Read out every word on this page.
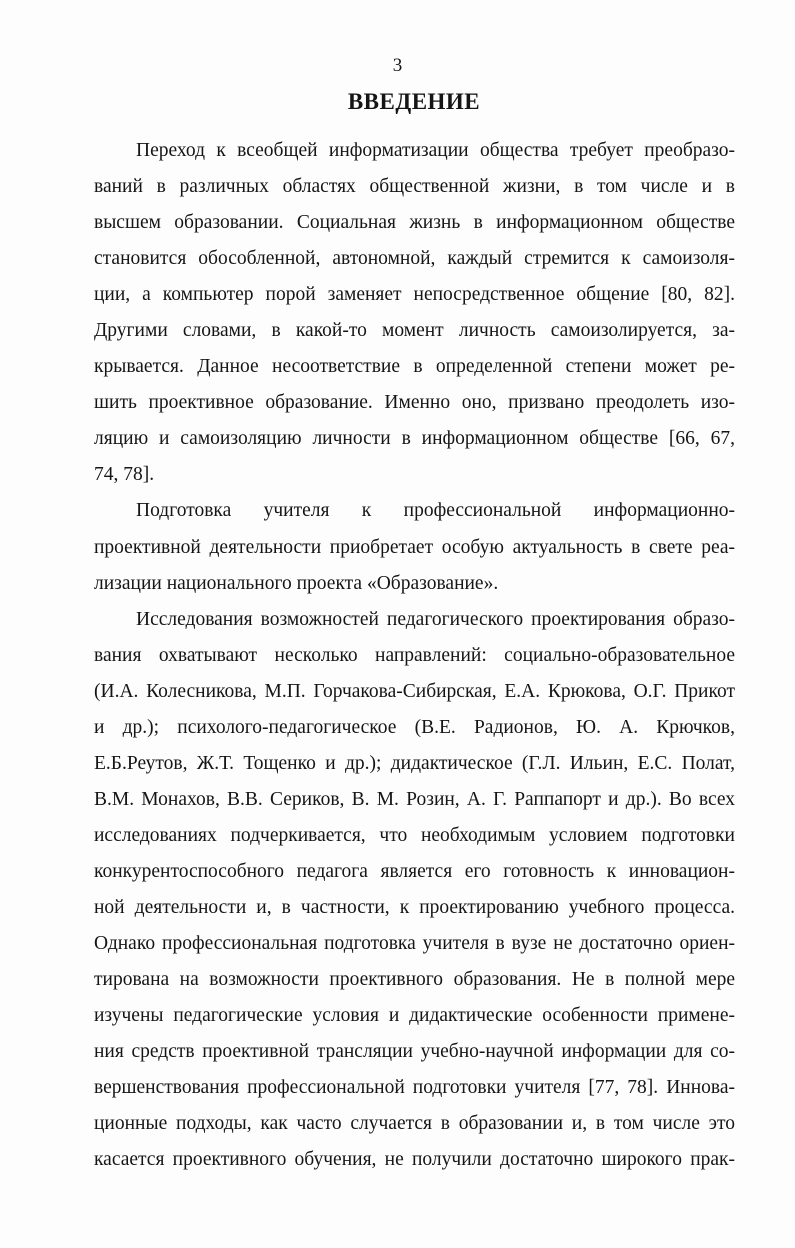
3
ВВЕДЕНИЕ
Переход к всеобщей информатизации общества требует преобразо-
ваний в различных областях общественной жизни, в том числе и в
высшем образовании. Социальная жизнь в информационном обществе
становится обособленной, автономной, каждый стремится к самоизоля-
ции, а компьютер порой заменяет непосредственное общение [80, 82].
Другими словами, в какой-то момент личность самоизолируется, за-
крывается. Данное несоответствие в определенной степени может ре-
шить проективное образование. Именно оно, призвано преодолеть изо-
ляцию и самоизоляцию личности в информационном обществе [66, 67,
74, 78].
Подготовка учителя к профессиональной информационно-
проективной деятельности приобретает особую актуальность в свете реа-
лизации национального проекта «Образование».
Исследования возможностей педагогического проектирования образо-
вания охватывают несколько направлений: социально-образовательное
(И.А. Колесникова, М.П. Горчакова-Сибирская, Е.А. Крюкова, О.Г. Прикот
и др.); психолого-педагогическое (В.Е. Радионов, Ю. А. Крючков,
Е.Б.Реутов, Ж.Т. Тощенко и др.); дидактическое (Г.Л. Ильин, Е.С. Полат,
В.М. Монахов, В.В. Сериков, В. М. Розин, А. Г. Раппапорт и др.). Во всех
исследованиях подчеркивается, что необходимым условием подготовки
конкурентоспособного педагога является его готовность к инновацион-
ной деятельности и, в частности, к проектированию учебного процесса.
Однако профессиональная подготовка учителя в вузе не достаточно ориен-
тирована на возможности проективного образования. Не в полной мере
изучены педагогические условия и дидактические особенности примене-
ния средств проективной трансляции учебно-научной информации для со-
вершенствования профессиональной подготовки учителя [77, 78]. Иннова-
ционные подходы, как часто случается в образовании и, в том числе это
касается проективного обучения, не получили достаточно широкого прак-
